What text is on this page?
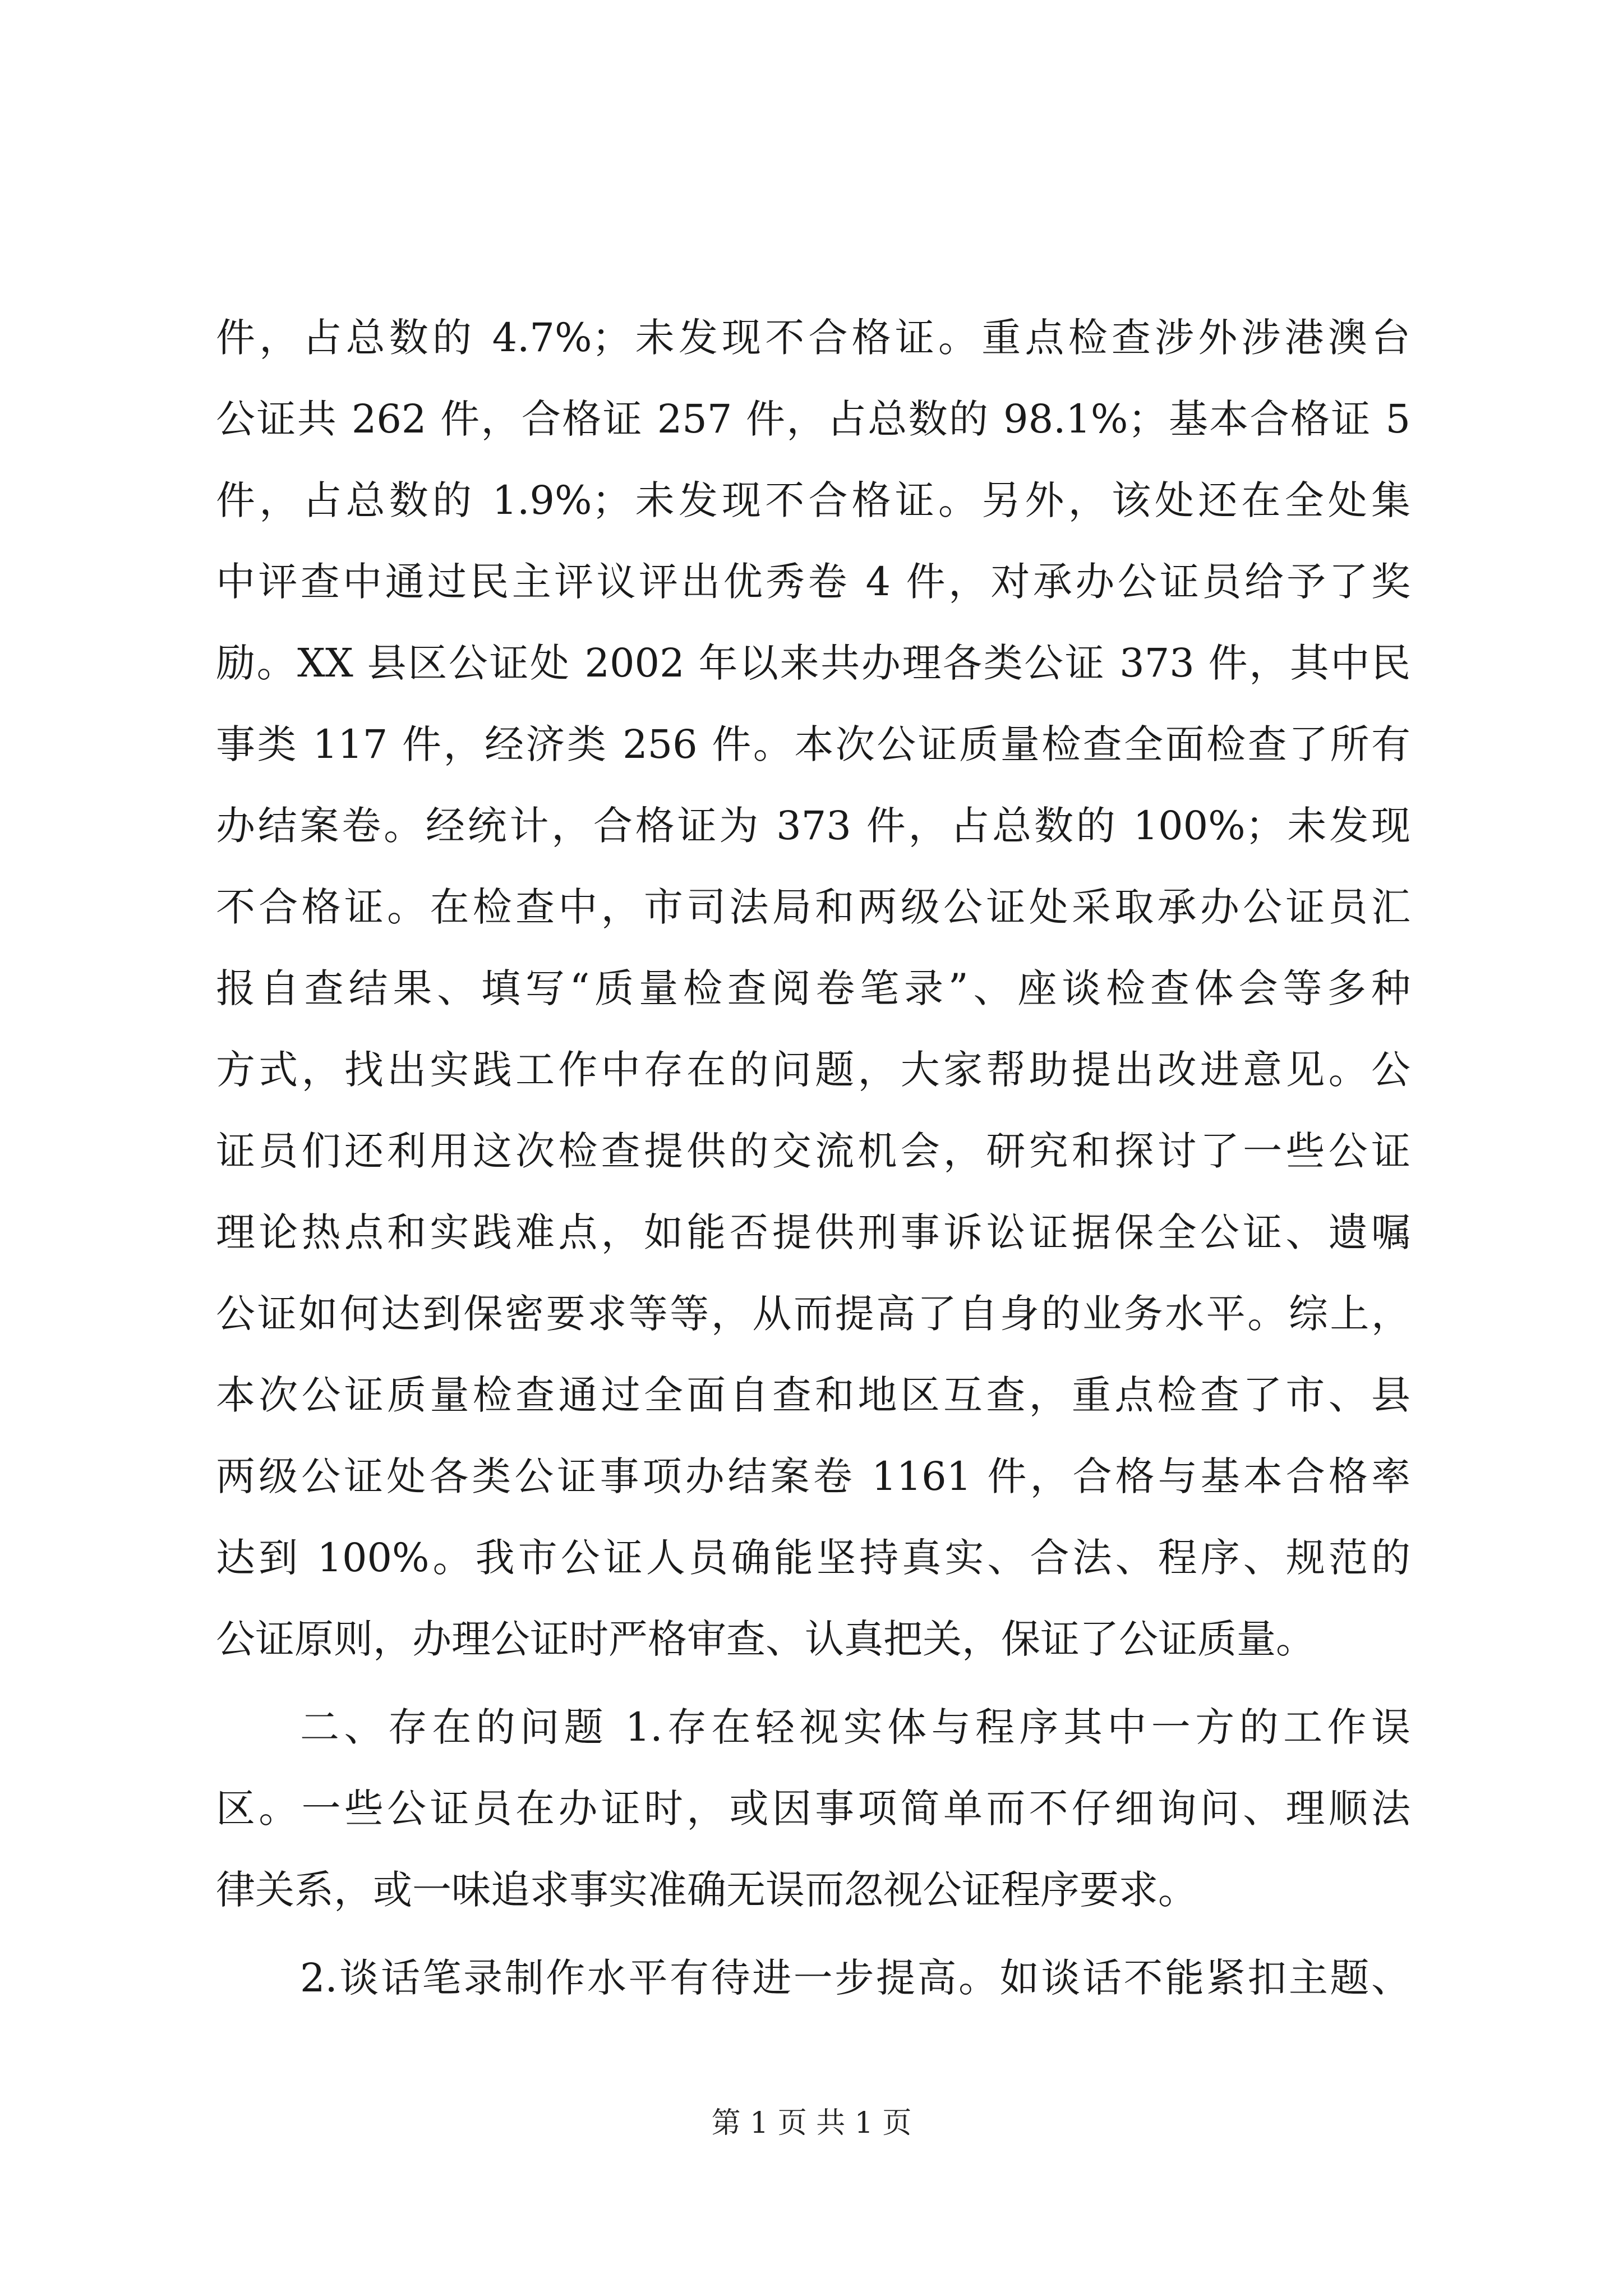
件，占总数的 4.7%；未发现不合格证。重点检查涉外涉港澳台
公证共 262 件，合格证 257 件，占总数的 98.1%；基本合格证 5
件，占总数的 1.9%；未发现不合格证。另外，该处还在全处集
中评查中通过民主评议评出优秀卷 4 件，对承办公证员给予了奖
励。XX 县区公证处 2002 年以来共办理各类公证 373 件，其中民
事类 117 件，经济类 256 件。本次公证质量检查全面检查了所有
办结案卷。经统计，合格证为 373 件，占总数的 100%；未发现
不合格证。在检查中，市司法局和两级公证处采取承办公证员汇
报自查结果、填写“质量检查阅卷笔录”、座谈检查体会等多种
方式，找出实践工作中存在的问题，大家帮助提出改进意见。公
证员们还利用这次检查提供的交流机会，研究和探讨了一些公证
理论热点和实践难点，如能否提供刑事诉讼证据保全公证、遗嘱
公证如何达到保密要求等等，从而提高了自身的业务水平。综上，
本次公证质量检查通过全面自查和地区互查，重点检查了市、县
两级公证处各类公证事项办结案卷 1161 件，合格与基本合格率
达到 100%。我市公证人员确能坚持真实、合法、程序、规范的
公证原则，办理公证时严格审查、认真把关，保证了公证质量。
二、存在的问题 1.存在轻视实体与程序其中一方的工作误
区。一些公证员在办证时，或因事项简单而不仔细询问、理顺法
律关系，或一味追求事实准确无误而忽视公证程序要求。
2.谈话笔录制作水平有待进一步提高。如谈话不能紧扣主题、
第 1 页 共 1 页
